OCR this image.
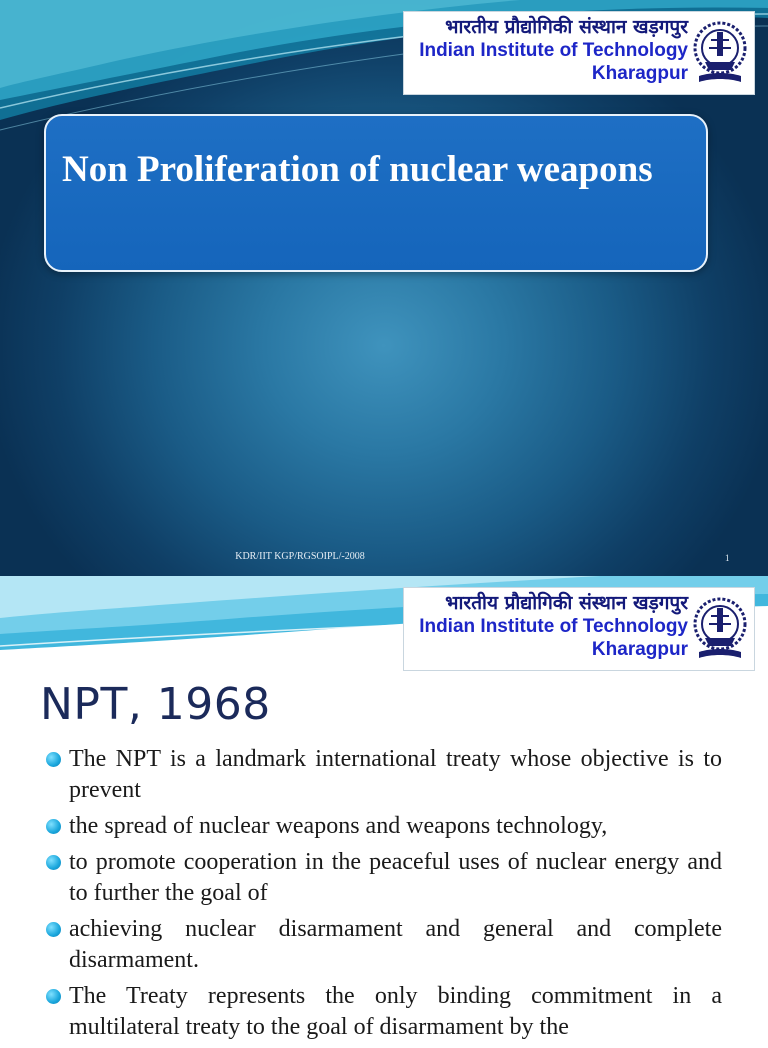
भारतीय प्रौद्योगिकी संस्थान खड़गपुर
Indian Institute of Technology
Kharagpur
Non Proliferation of nuclear weapons
KDR/IIT KGP/RGSOIPL/-2008	1
भारतीय प्रौद्योगिकी संस्थान खड़गपुर
Indian Institute of Technology
Kharagpur
NPT, 1968
The NPT is a landmark international treaty whose objective is to prevent
the spread of nuclear weapons and weapons technology,
to promote cooperation in the peaceful uses of nuclear energy and to further the goal of
achieving nuclear disarmament and general and complete disarmament.
The Treaty represents the only binding commitment in a multilateral treaty to the goal of disarmament by the
